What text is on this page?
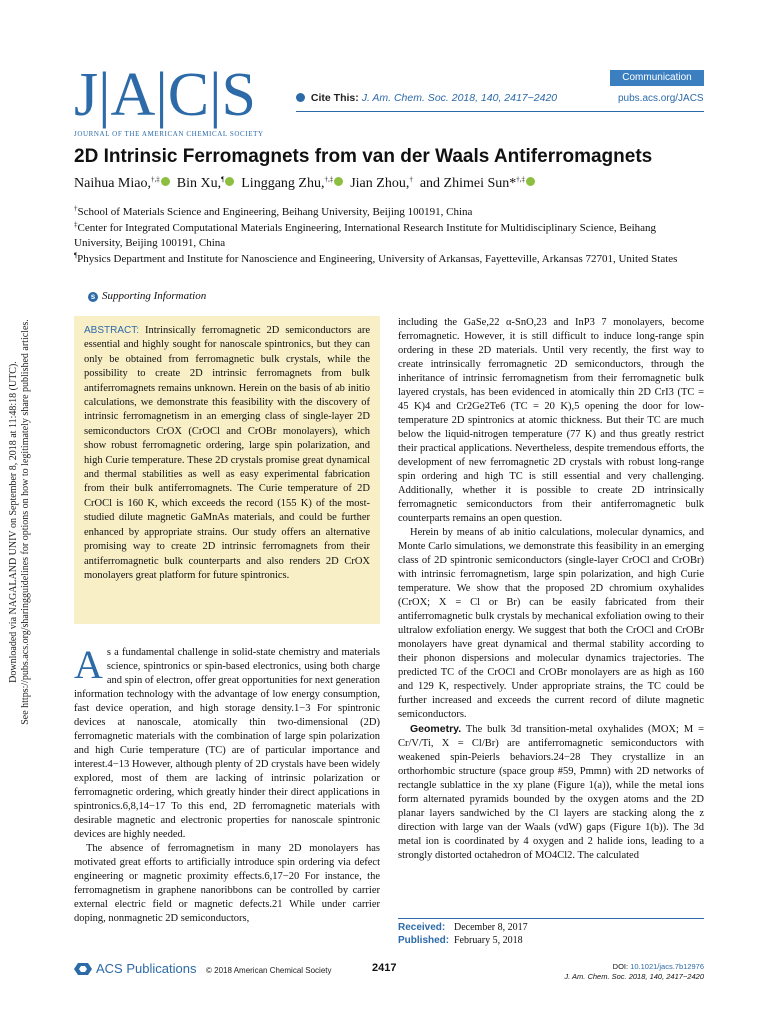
Downloaded via NAGALAND UNIV on September 8, 2018 at 11:48:18 (UTC). See https://pubs.acs.org/sharingguidelines for options on how to legitimately share published articles.
J|A|C|S
JOURNAL OF THE AMERICAN CHEMICAL SOCIETY
Cite This: J. Am. Chem. Soc. 2018, 140, 2417−2420
Communication
pubs.acs.org/JACS
2D Intrinsic Ferromagnets from van der Waals Antiferromagnets
Naihua Miao,†,‡ Bin Xu,¶ Linggang Zhu,†,‡ Jian Zhou,† and Zhimei Sun*†,‡
†School of Materials Science and Engineering, Beihang University, Beijing 100191, China
‡Center for Integrated Computational Materials Engineering, International Research Institute for Multidisciplinary Science, Beihang University, Beijing 100191, China
¶Physics Department and Institute for Nanoscience and Engineering, University of Arkansas, Fayetteville, Arkansas 72701, United States
s Supporting Information
ABSTRACT: Intrinsically ferromagnetic 2D semiconductors are essential and highly sought for nanoscale spintronics, but they can only be obtained from ferromagnetic bulk crystals, while the possibility to create 2D intrinsic ferromagnets from bulk antiferromagnets remains unknown. Herein on the basis of ab initio calculations, we demonstrate this feasibility with the discovery of intrinsic ferromagnetism in an emerging class of single-layer 2D semiconductors CrOX (CrOCl and CrOBr monolayers), which show robust ferromagnetic ordering, large spin polarization, and high Curie temperature. These 2D crystals promise great dynamical and thermal stabilities as well as easy experimental fabrication from their bulk antiferromagnets. The Curie temperature of 2D CrOCl is 160 K, which exceeds the record (155 K) of the most-studied dilute magnetic GaMnAs materials, and could be further enhanced by appropriate strains. Our study offers an alternative promising way to create 2D intrinsic ferromagnets from their antiferromagnetic bulk counterparts and also renders 2D CrOX monolayers great platform for future spintronics.

As a fundamental challenge in solid-state chemistry and materials science, spintronics or spin-based electronics, using both charge and spin of electron, offer great opportunities for next generation information technology with the advantage of low energy consumption, fast device operation, and high storage density.1−3 For spintronic devices at nanoscale, atomically thin two-dimensional (2D) ferromagnetic materials with the combination of large spin polarization and high Curie temperature (TC) are of particular importance and interest.4−13 However, although plenty of 2D crystals have been widely explored, most of them are lacking of intrinsic polarization or ferromagnetic ordering, which greatly hinder their direct applications in spintronics.6,8,14−17 To this end, 2D ferromagnetic materials with desirable magnetic and electronic properties for nanoscale spintronic devices are highly needed.

The absence of ferromagnetism in many 2D monolayers has motivated great efforts to artificially introduce spin ordering via defect engineering or magnetic proximity effects.6,17−20 For instance, the ferromagnetism in graphene nanoribbons can be controlled by carrier external electric field or magnetic defects.21 While under carrier doping, nonmagnetic 2D semiconductors,

including the GaSe,22 α-SnO,23 and InP3 7 monolayers, become ferromagnetic. However, it is still difficult to induce long-range spin ordering in these 2D materials. Until very recently, the first way to create intrinsically ferromagnetic 2D semiconductors, through the inheritance of intrinsic ferromagnetism from their ferromagnetic bulk layered crystals, has been evidenced in atomically thin 2D CrI3 (TC = 45 K)4 and Cr2Ge2Te6 (TC = 20 K),5 opening the door for low-temperature 2D spintronics at atomic thickness. But their TC are much below the liquid-nitrogen temperature (77 K) and thus greatly restrict their practical applications. Nevertheless, despite tremendous efforts, the development of new ferromagnetic 2D crystals with robust long-range spin ordering and high TC is still essential and very challenging. Additionally, whether it is possible to create 2D intrinsically ferromagnetic semiconductors from their antiferromagnetic bulk counterparts remains an open question.

Herein by means of ab initio calculations, molecular dynamics, and Monte Carlo simulations, we demonstrate this feasibility in an emerging class of 2D spintronic semiconductors (single-layer CrOCl and CrOBr) with intrinsic ferromagnetism, large spin polarization, and high Curie temperature. We show that the proposed 2D chromium oxyhalides (CrOX; X = Cl or Br) can be easily fabricated from their antiferromagnetic bulk crystals by mechanical exfoliation owing to their ultralow exfoliation energy. We suggest that both the CrOCl and CrOBr monolayers have great dynamical and thermal stability according to their phonon dispersions and molecular dynamics trajectories. The predicted TC of the CrOCl and CrOBr monolayers are as high as 160 and 129 K, respectively. Under appropriate strains, the TC could be further increased and exceeds the current record of dilute magnetic semiconductors.

Geometry. The bulk 3d transition-metal oxyhalides (MOX; M = Cr/V/Ti, X = Cl/Br) are antiferromagnetic semiconductors with weakened spin-Peierls behaviors.24−28 They crystallize in an orthorhombic structure (space group #59, Pmmn) with 2D networks of rectangle sublattice in the xy plane (Figure 1(a)), while the metal ions form alternated pyramids bounded by the oxygen atoms and the 2D planar layers sandwiched by the Cl layers are stacking along the z direction with large van der Waals (vdW) gaps (Figure 1(b)). The 3d metal ion is coordinated by 4 oxygen and 2 halide ions, leading to a strongly distorted octahedron of MO4Cl2. The calculated

Received: December 8, 2017
Published: February 5, 2018
ACS Publications © 2018 American Chemical Society	2417	DOI: 10.1021/jacs.7b12976
J. Am. Chem. Soc. 2018, 140, 2417−2420
